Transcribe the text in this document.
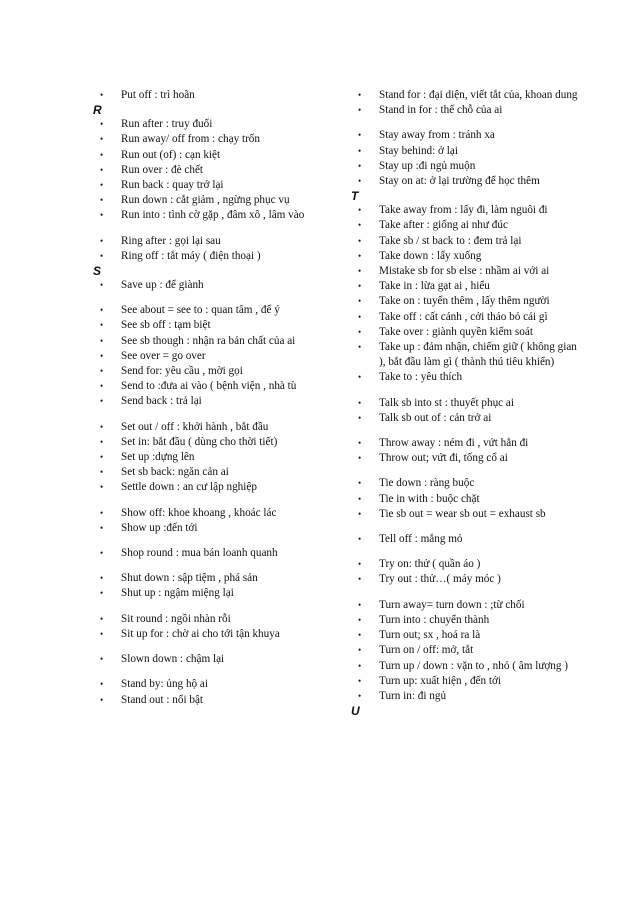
• Put off : trì hoãn
R
• Run after : truy đuổi
• Run away/ off from : chạy trốn
• Run out (of) : cạn kiệt
• Run over : đè chết
• Run back : quay trở lại
• Run down : cắt giảm , ngừng phục vụ
• Run into : tình cờ gặp , đâm xô , lâm vào
• Ring after : gọi lại sau
• Ring off : tắt máy ( điện thoại )
S
• Save up : để giành
• See about = see to : quan tâm , để ý
• See sb off : tạm biệt
• See sb though : nhận ra bản chất của ai
• See over = go over
• Send for: yêu cầu , mời gọi
• Send to :đưa ai vào ( bệnh viện , nhà tù
• Send back : trả lại
• Set out / off : khởi hành , bắt đầu
• Set in: bắt đầu ( dùng cho thời tiết)
• Set up :dựng lên
• Set sb back: ngăn cản ai
• Settle down : an cư lập nghiệp
• Show off: khoe khoang , khoác lác
• Show up :đến tới
• Shop round : mua bán loanh quanh
• Shut down : sập tiệm , phá sản
• Shut up : ngậm miệng lại
• Sit round : ngồi nhàn rỗi
• Sit up for : chờ ai cho tới tận khuya
• Slown down : chậm lại
• Stand by: ủng hộ ai
• Stand out : nổi bật
• Stand for : đại diện, viết tắt của, khoan dung
• Stand in for : thế chỗ của ai
• Stay away from : tránh xa
• Stay behind: ở lại
• Stay up :đi ngủ muộn
• Stay on at: ở lại trường để học thêm
T
• Take away from : lấy đi, làm nguôi đi
• Take after : giống ai như đúc
• Take sb / st back to : đem trả lại
• Take down : lấy xuống
• Mistake sb for sb else : nhầm ai với ai
• Take in : lừa gạt ai , hiểu
• Take on : tuyển thêm , lấy thêm người
• Take off : cất cánh , cởi tháo bỏ cái gì
• Take over : giành quyền kiểm soát
• Take up : đảm nhận, chiếm giữ ( không gian ), bắt đầu làm gì ( thành thú tiêu khiển)
• Take to : yêu thích
• Talk sb into st : thuyết phục ai
• Talk sb out of : cản trở ai
• Throw away : ném đi , vứt hẳn đi
• Throw out; vứt đi, tống cổ ai
• Tie down : ràng buộc
• Tie in with : buộc chặt
• Tie sb out = wear sb out = exhaust sb
• Tell off : mắng mỏ
• Try on: thử ( quần áo )
• Try out : thử…( máy móc )
• Turn away= turn down : ;từ chối
• Turn into : chuyển thành
• Turn out; sx , hoá ra là
• Turn on / off: mở, tắt
• Turn up / down : vặn to , nhỏ ( âm lượng )
• Turn up: xuất hiện , đến tới
• Turn in: đi ngủ
U
